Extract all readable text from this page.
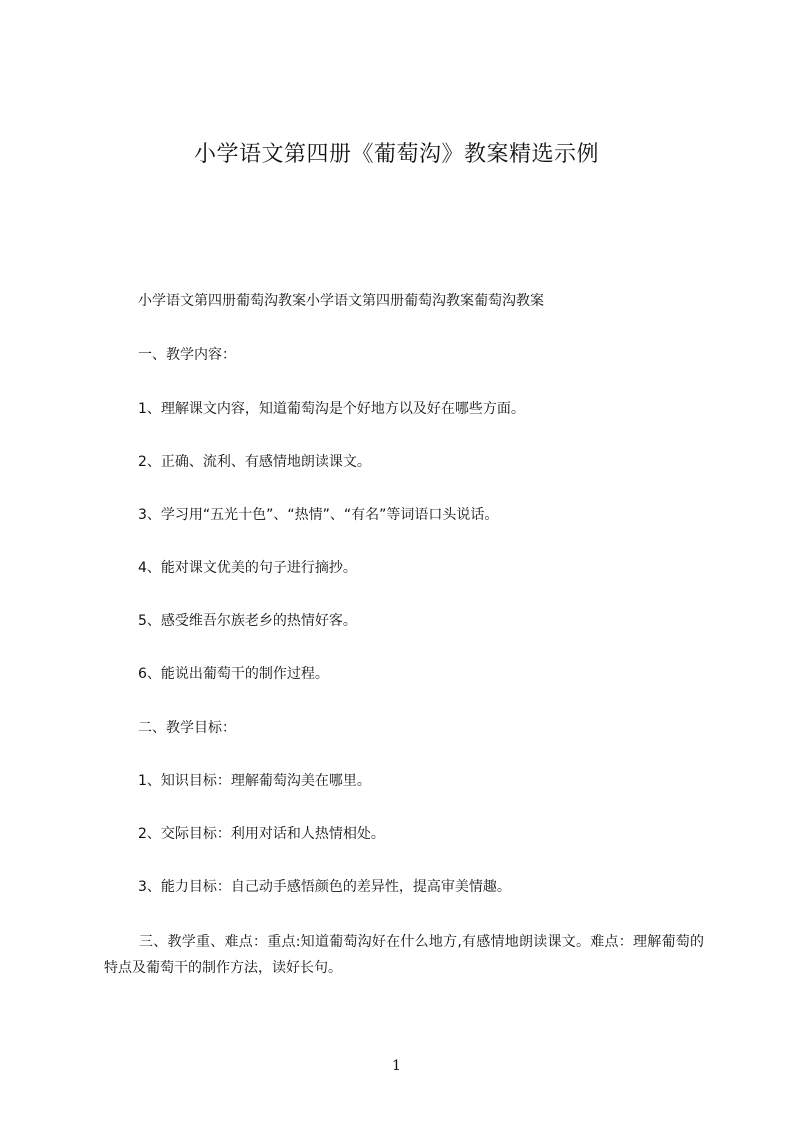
小学语文第四册《葡萄沟》教案精选示例
小学语文第四册葡萄沟教案小学语文第四册葡萄沟教案葡萄沟教案
一、教学内容：
1、理解课文内容，知道葡萄沟是个好地方以及好在哪些方面。
2、正确、流利、有感情地朗读课文。
3、学习用“五光十色”、“热情”、“有名”等词语口头说话。
4、能对课文优美的句子进行摘抄。
5、感受维吾尔族老乡的热情好客。
6、能说出葡萄干的制作过程。
二、教学目标：
1、知识目标：理解葡萄沟美在哪里。
2、交际目标：利用对话和人热情相处。
3、能力目标：自己动手感悟颜色的差异性，提高审美情趣。
三、教学重、难点：重点:知道葡萄沟好在什么地方,有感情地朗读课文。难点：理解葡萄的特点及葡萄干的制作方法，读好长句。
1
